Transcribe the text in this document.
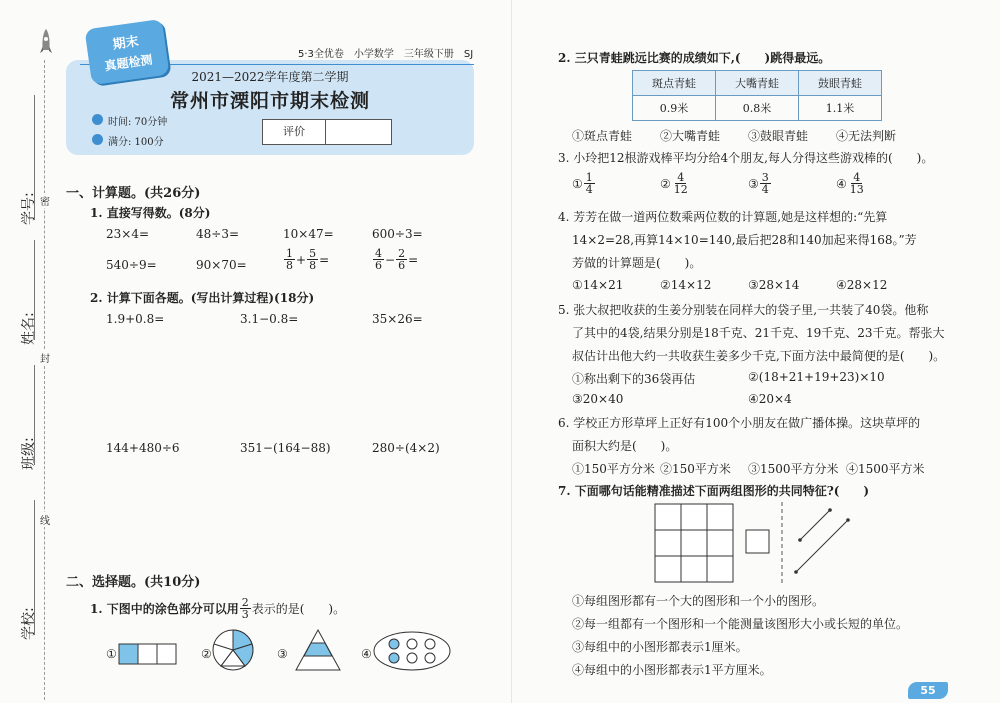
学号:
姓名:
班级:
学校:
密
封
线
期末
真题检测	5·3全优卷　小学数学　三年级下册　SJ
2021—2022学年度第二学期
常州市溧阳市期末检测
时间: 70分钟
满分: 100分
评价
一、计算题。(共26分)
1. 直接写得数。(8分)
23×4=	48÷3=	10×47=	600÷3=
540÷9=	90×70=	$\frac{1}{8} + \frac{5}{8}$ =	$\frac{4}{6} - \frac{2}{6}$ =
2. 计算下面各题。(写出计算过程)(18分)
1.9+0.8=	3.1−0.8=	35×26=
144+480÷6	351−(164−88)	280÷(4×2)
二、选择题。(共10分)
1. 下图中的涂色部分可以用 $\frac{2}{3}$ 表示的是(　　)。
①	②	③	④
2. 三只青蛙跳远比赛的成绩如下,(　　)跳得最远。
斑点青蛙	大嘴青蛙	鼓眼青蛙
0.9米	0.8米	1.1米
①斑点青蛙 ②大嘴青蛙 ③鼓眼青蛙 ④无法判断
3. 小玲把12根游戏棒平均分给4个朋友,每人分得这些游戏棒的(　　)。
① $\frac{1}{4}$	② $\frac{4}{12}$	③ $\frac{3}{4}$	④ $\frac{4}{13}$
4. 芳芳在做一道两位数乘两位数的计算题,她是这样想的:“先算
14×2=28,再算14×10=140,最后把28和140加起来得168。”芳
芳做的计算题是(　　)。
①14×21	②14×12	③28×14	④28×12
5. 张大叔把收获的生姜分别装在同样大的袋子里,一共装了40袋。他称
了其中的4袋,结果分别是18千克、21千克、19千克、23千克。帮张大
叔估计出他大约一共收获生姜多少千克,下面方法中最简便的是(　　)。
①称出剩下的36袋再估	②(18+21+19+23)×10
③20×40	④20×4
6. 学校正方形草坪上正好有100个小朋友在做广播体操。这块草坪的
面积大约是(　　)。
①150平方分米 ②150平方米 ③1500平方分米 ④1500平方米
7. 下面哪句话能精准描述下面两组图形的共同特征?(　　)
①每组图形都有一个大的图形和一个小的图形。
②每一组都有一个图形和一个能测量该图形大小或长短的单位。
③每组中的小图形都表示1厘米。
④每组中的小图形都表示1平方厘米。
55
